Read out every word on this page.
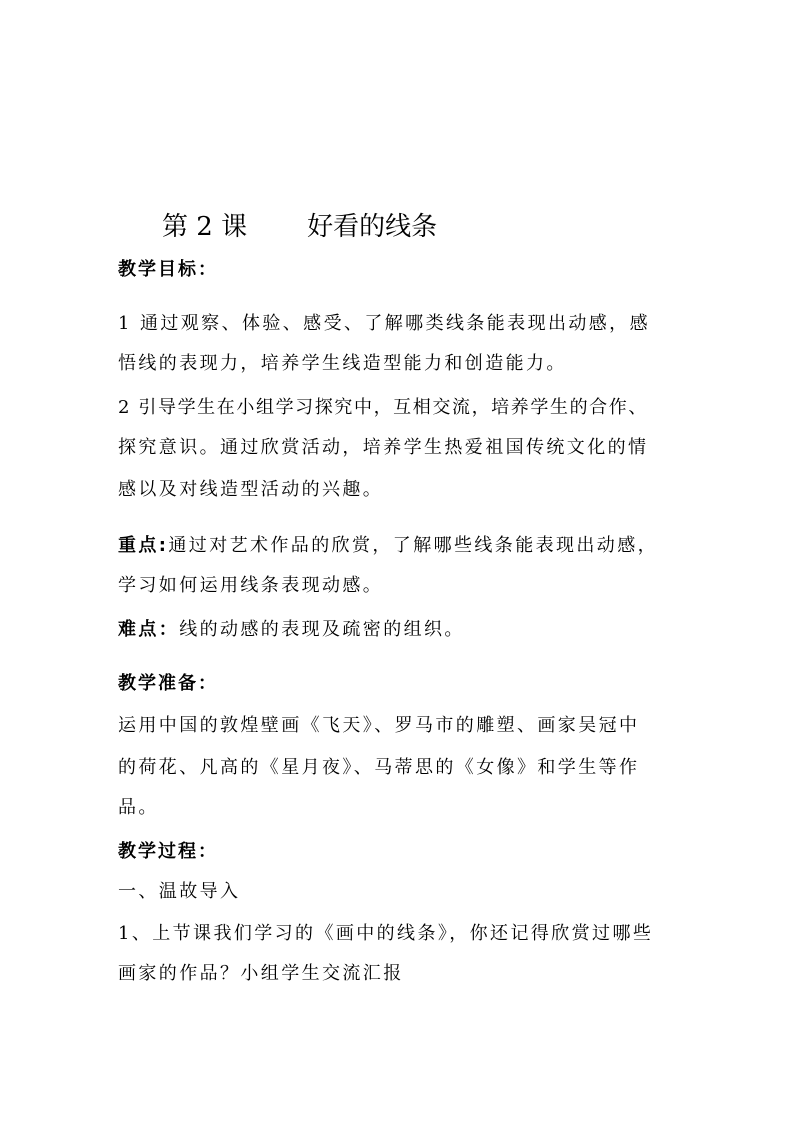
第 2 课 好看的线条
教学目标：
1 通过观察、体验、感受、了解哪类线条能表现出动感，感
悟线的表现力，培养学生线造型能力和创造能力。
2 引导学生在小组学习探究中，互相交流，培养学生的合作、
探究意识。通过欣赏活动，培养学生热爱祖国传统文化的情
感以及对线造型活动的兴趣。
重点:通过对艺术作品的欣赏，了解哪些线条能表现出动感，
学习如何运用线条表现动感。
难点：线的动感的表现及疏密的组织。
教学准备：
运用中国的敦煌壁画《飞天》、罗马市的雕塑、画家吴冠中
的荷花、凡高的《星月夜》、马蒂思的《女像》和学生等作
品。
教学过程：
一、温故导入
1、上节课我们学习的《画中的线条》，你还记得欣赏过哪些
画家的作品？小组学生交流汇报
